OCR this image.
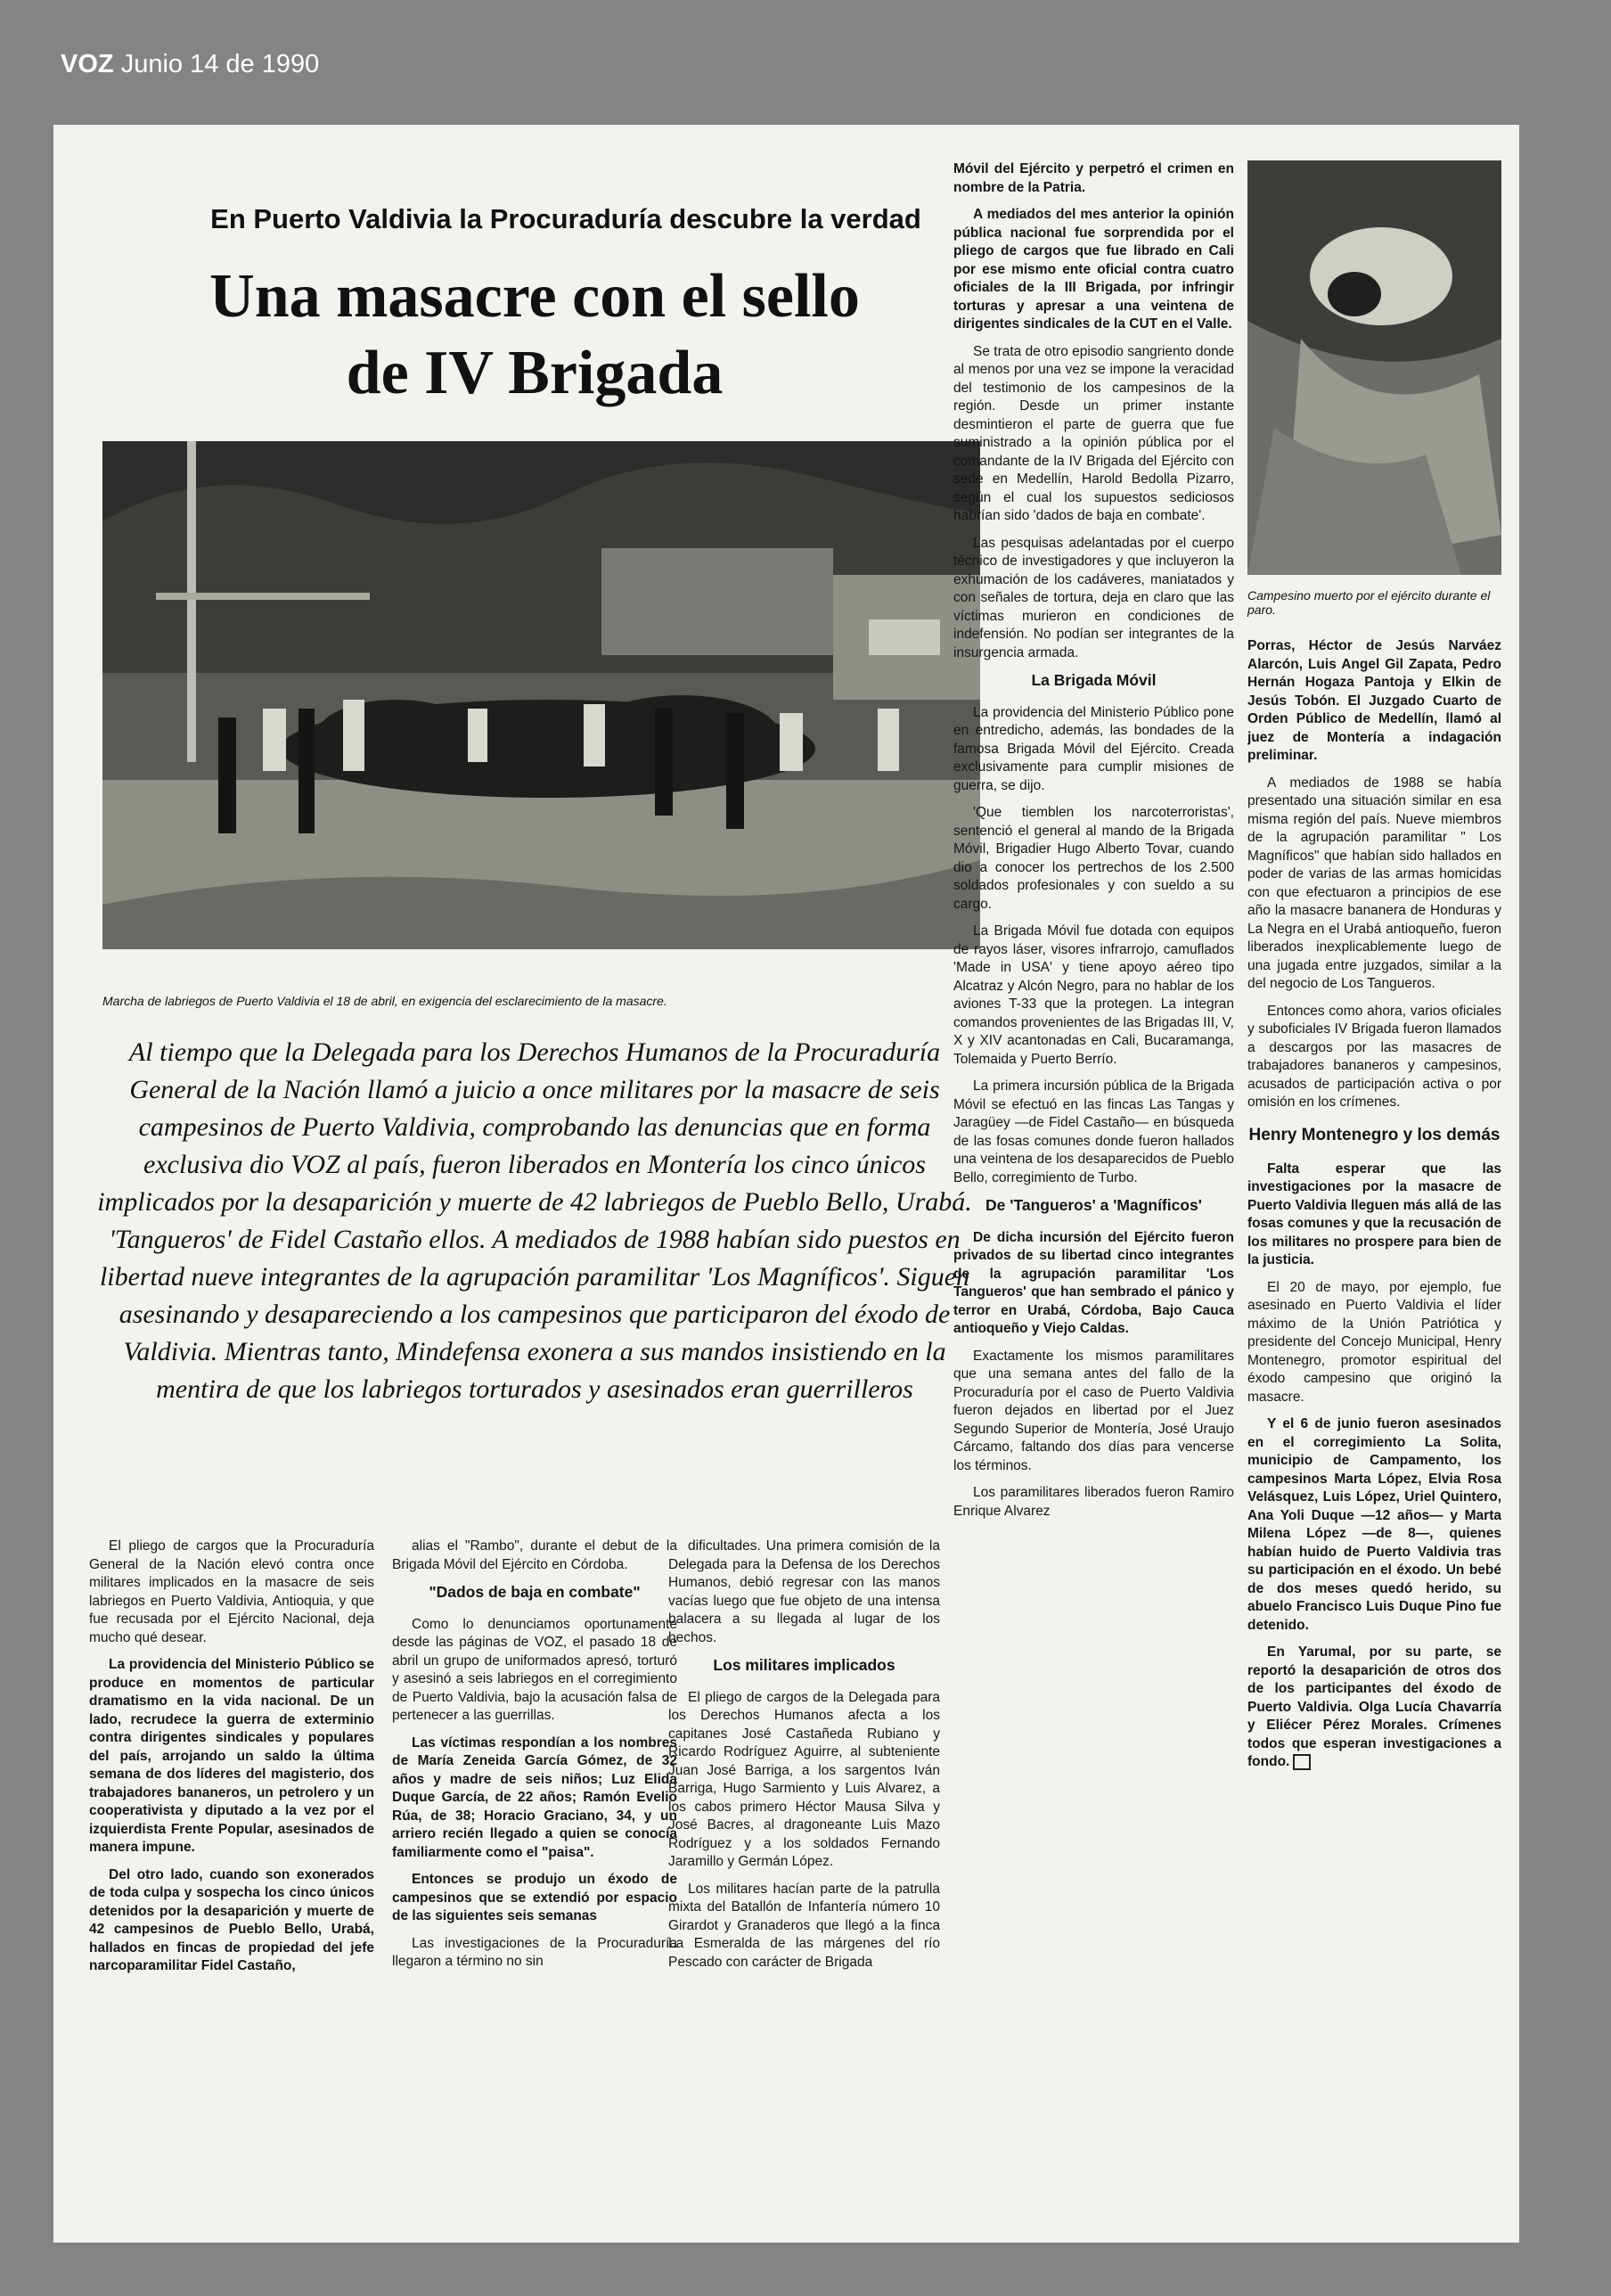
VOZ Junio 14 de 1990
En Puerto Valdivia la Procuraduría descubre la verdad
Una masacre con el sello
de IV Brigada
Marcha de labriegos de Puerto Valdivia el 18 de abril, en exigencia del esclarecimiento de la masacre.
Al tiempo que la Delegada para los Derechos Humanos de la Procuraduría General de la Nación llamó a juicio a once militares por la masacre de seis campesinos de Puerto Valdivia, comprobando las denuncias que en forma exclusiva dio VOZ al país, fueron liberados en Montería los cinco únicos implicados por la desaparición y muerte de 42 labriegos de Pueblo Bello, Urabá. 'Tangueros' de Fidel Castaño ellos. A mediados de 1988 habían sido puestos en libertad nueve integrantes de la agrupación paramilitar 'Los Magníficos'. Siguen asesinando y desapareciendo a los campesinos que participaron del éxodo de Valdivia. Mientras tanto, Mindefensa exonera a sus mandos insistiendo en la mentira de que los labriegos torturados y asesinados eran guerrilleros

El pliego de cargos que la Procuraduría General de la Nación elevó contra once militares implicados en la masacre de seis labriegos en Puerto Valdivia, Antioquia, y que fue recusada por el Ejército Nacional, deja mucho qué desear.

La providencia del Ministerio Público se produce en momentos de particular dramatismo en la vida nacional. De un lado, recrudece la guerra de exterminio contra dirigentes sindicales y populares del país, arrojando un saldo la última semana de dos líderes del magisterio, dos trabajadores bananeros, un petrolero y un cooperativista y diputado a la vez por el izquierdista Frente Popular, asesinados de manera impune.

Del otro lado, cuando son exonerados de toda culpa y sospecha los cinco únicos detenidos por la desaparición y muerte de 42 campesinos de Pueblo Bello, Urabá, hallados en fincas de propiedad del jefe narcoparamilitar Fidel Castaño,

alias el "Rambo", durante el debut de la Brigada Móvil del Ejército en Córdoba.

"Dados de baja en combate"

Como lo denunciamos oportunamente desde las páginas de VOZ, el pasado 18 de abril un grupo de uniformados apresó, torturó y asesinó a seis labriegos en el corregimiento de Puerto Valdivia, bajo la acusación falsa de pertenecer a las guerrillas.

Las víctimas respondían a los nombres de María Zeneida García Gómez, de 32 años y madre de seis niños; Luz Elida Duque García, de 22 años; Ramón Evelio Rúa, de 38; Horacio Graciano, 34, y un arriero recién llegado a quien se conocía familiarmente como el "paisa".

Entonces se produjo un éxodo de campesinos que se extendió por espacio de las siguientes seis semanas

Las investigaciones de la Procuraduría llegaron a término no sin

dificultades. Una primera comisión de la Delegada para la Defensa de los Derechos Humanos, debió regresar con las manos vacías luego que fue objeto de una intensa balacera a su llegada al lugar de los hechos.

Los militares implicados

El pliego de cargos de la Delegada para los Derechos Humanos afecta a los capitanes José Castañeda Rubiano y Ricardo Rodríguez Aguirre, al subteniente Juan José Barriga, a los sargentos Iván Barriga, Hugo Sarmiento y Luis Alvarez, a los cabos primero Héctor Mausa Silva y José Bacres, al dragoneante Luis Mazo Rodríguez y a los soldados Fernando Jaramillo y Germán López.

Los militares hacían parte de la patrulla mixta del Batallón de Infantería número 10 Girardot y Granaderos que llegó a la finca La Esmeralda de las márgenes del río Pescado con carácter de Brigada

Móvil del Ejército y perpetró el crimen en nombre de la Patria.

A mediados del mes anterior la opinión pública nacional fue sorprendida por el pliego de cargos que fue librado en Cali por ese mismo ente oficial contra cuatro oficiales de la III Brigada, por infringir torturas y apresar a una veintena de dirigentes sindicales de la CUT en el Valle.

Se trata de otro episodio sangriento donde al menos por una vez se impone la veracidad del testimonio de los campesinos de la región. Desde un primer instante desmintieron el parte de guerra que fue suministrado a la opinión pública por el comandante de la IV Brigada del Ejército con sede en Medellín, Harold Bedolla Pizarro, según el cual los supuestos sediciosos habrían sido 'dados de baja en combate'.

Las pesquisas adelantadas por el cuerpo técnico de investigadores y que incluyeron la exhumación de los cadáveres, maniatados y con señales de tortura, deja en claro que las víctimas murieron en condiciones de indefensión. No podían ser integrantes de la insurgencia armada.

La Brigada Móvil

La providencia del Ministerio Público pone en entredicho, además, las bondades de la famosa Brigada Móvil del Ejército. Creada exclusivamente para cumplir misiones de guerra, se dijo.

'Que tiemblen los narcoterroristas', sentenció el general al mando de la Brigada Móvil, Brigadier Hugo Alberto Tovar, cuando dio a conocer los pertrechos de los 2.500 soldados profesionales y con sueldo a su cargo.

La Brigada Móvil fue dotada con equipos de rayos láser, visores infrarrojo, camuflados 'Made in USA' y tiene apoyo aéreo tipo Alcatraz y Alcón Negro, para no hablar de los aviones T-33 que la protegen. La integran comandos provenientes de las Brigadas III, V, X y XIV acantonadas en Cali, Bucaramanga, Tolemaida y Puerto Berrío.

La primera incursión pública de la Brigada Móvil se efectuó en las fincas Las Tangas y Jaragüey —de Fidel Castaño— en búsqueda de las fosas comunes donde fueron hallados una veintena de los desaparecidos de Pueblo Bello, corregimiento de Turbo.

De 'Tangueros' a 'Magníficos'

De dicha incursión del Ejército fueron privados de su libertad cinco integrantes de la agrupación paramilitar 'Los Tangueros' que han sembrado el pánico y terror en Urabá, Córdoba, Bajo Cauca antioqueño y Viejo Caldas.

Exactamente los mismos paramilitares que una semana antes del fallo de la Procuraduría por el caso de Puerto Valdivia fueron dejados en libertad por el Juez Segundo Superior de Montería, José Uraujo Cárcamo, faltando dos días para vencerse los términos.

Los paramilitares liberados fueron Ramiro Enrique Alvarez

Campesino muerto por el ejército durante el paro.

Porras, Héctor de Jesús Narváez Alarcón, Luis Angel Gil Zapata, Pedro Hernán Hogaza Pantoja y Elkin de Jesús Tobón. El Juzgado Cuarto de Orden Público de Medellín, llamó al juez de Montería a indagación preliminar.

A mediados de 1988 se había presentado una situación similar en esa misma región del país. Nueve miembros de la agrupación paramilitar " Los Magníficos" que habían sido hallados en poder de varias de las armas homicidas con que efectuaron a principios de ese año la masacre bananera de Honduras y La Negra en el Urabá antioqueño, fueron liberados inexplicablemente luego de una jugada entre juzgados, similar a la del negocio de Los Tangueros.

Entonces como ahora, varios oficiales y suboficiales IV Brigada fueron llamados a descargos por las masacres de trabajadores bananeros y campesinos, acusados de participación activa o por omisión en los crímenes.

Henry Montenegro y los demás

Falta esperar que las investigaciones por la masacre de Puerto Valdivia lleguen más allá de las fosas comunes y que la recusación de los militares no prospere para bien de la justicia.

El 20 de mayo, por ejemplo, fue asesinado en Puerto Valdivia el líder máximo de la Unión Patriótica y presidente del Concejo Municipal, Henry Montenegro, promotor espiritual del éxodo campesino que originó la masacre.

Y el 6 de junio fueron asesinados en el corregimiento La Solita, municipio de Campamento, los campesinos Marta López, Elvia Rosa Velásquez, Luis López, Uriel Quintero, Ana Yoli Duque —12 años— y Marta Milena López —de 8—, quienes habían huido de Puerto Valdivia tras su participación en el éxodo. Un bebé de dos meses quedó herido, su abuelo Francisco Luis Duque Pino fue detenido.

En Yarumal, por su parte, se reportó la desaparición de otros dos de los participantes del éxodo de Puerto Valdivia. Olga Lucía Chavarría y Eliécer Pérez Morales. Crímenes todos que esperan investigaciones a fondo.
